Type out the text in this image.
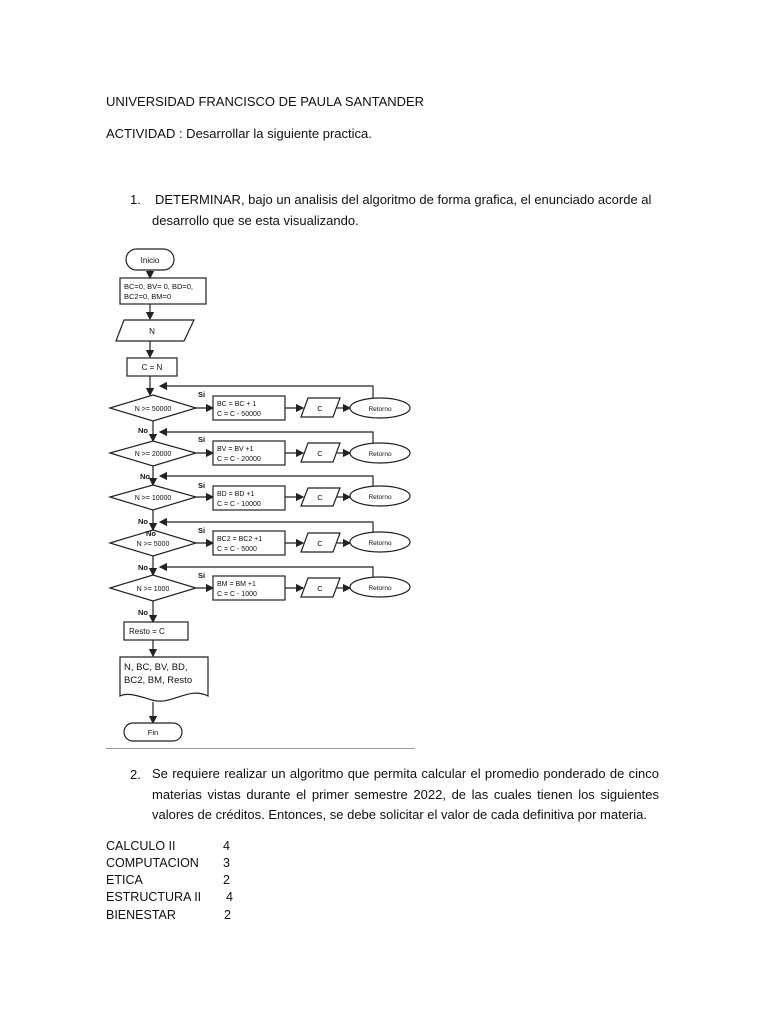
UNIVERSIDAD FRANCISCO DE PAULA SANTANDER
ACTIVIDAD : Desarrollar la siguiente practica.
1. DETERMINAR, bajo un analisis del algoritmo de forma grafica, el enunciado acorde al
desarrollo que se esta visualizando.
Inicio
BC=0, BV= 0, BD=0,
BC2=0, BM=0
N
C = N
N >= 50000
Si
BC = BC + 1
C = C - 50000
C	Retorno
No
N >= 20000
Si
BV = BV +1
C = C - 20000
C	Retorno
No
N >= 10000
Si
BD = BD +1
C = C - 10000
C	Retorno
No
N >= 5000
Si
No
BC2 = BC2 +1
C = C - 5000
C	Retorno
No
N >= 1000
Si
BM = BM +1
C = C - 1000
C	Retorno
No
Resto = C
N, BC, BV, BD,
BC2, BM, Resto
Fin
2. Se requiere realizar un algoritmo que permita calcular el promedio ponderado de cinco materias vistas durante el primer semestre 2022, de las cuales tienen los siguientes valores de créditos. Entonces, se debe solicitar el valor de cada definitiva por materia.
CALCULO II	4
COMPUTACION 3
ETICA	2
ESTRUCTURA II 4
BIENESTAR	2
